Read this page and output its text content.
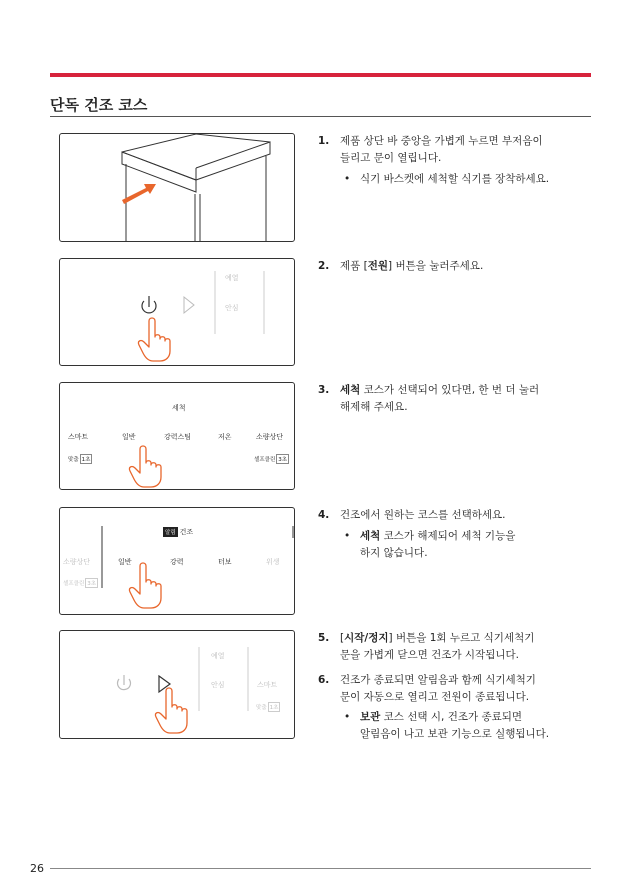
단독 건조 코스
예열
안심
세척
스마트	일반	강력스팀	저온	소량상단
맞춤 1초	셀프클린 3초
알림 건조
소량상단	일반	강력	터보	위생
셀프클린 3초
예열
안심	스마트
맞춤 1초
1. 제품 상단 바 중앙을 가볍게 누르면 부저음이
들리고 문이 열립니다.
• 식기 바스켓에 세척할 식기를 장착하세요.
2. 제품 [전원] 버튼을 눌러주세요.
3. 세척 코스가 선택되어 있다면, 한 번 더 눌러
해제해 주세요.
4. 건조에서 원하는 코스를 선택하세요.
• 세척 코스가 해제되어 세척 기능을
하지 않습니다.
5. [시작/정지] 버튼을 1회 누르고 식기세척기
문을 가볍게 닫으면 건조가 시작됩니다.
6. 건조가 종료되면 알림음과 함께 식기세척기
문이 자동으로 열리고 전원이 종료됩니다.
• 보관 코스 선택 시, 건조가 종료되면
알림음이 나고 보관 기능으로 실행됩니다.
26
